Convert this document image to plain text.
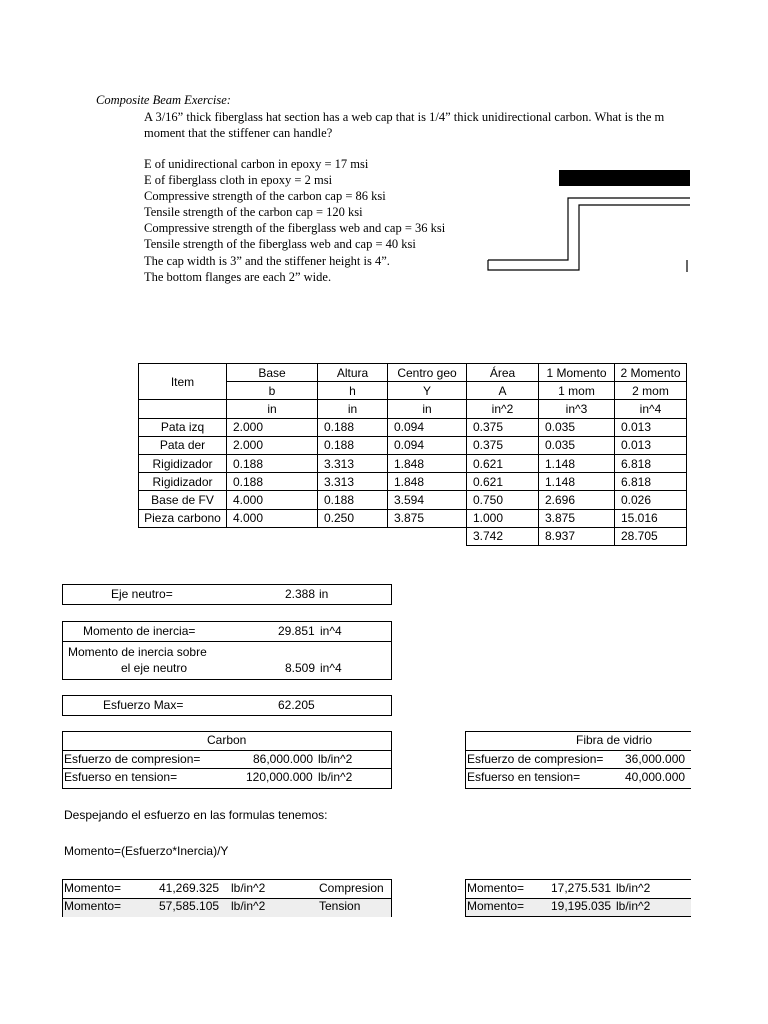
Composite Beam Exercise:
A 3/16” thick fiberglass hat section has a web cap that is 1/4” thick unidirectional carbon. What is the m
moment that the stiffener can handle?
E of unidirectional carbon in epoxy = 17 msi
E of fiberglass cloth in epoxy = 2 msi
Compressive strength of the carbon cap = 86 ksi
Tensile strength of the carbon cap = 120 ksi
Compressive strength of the fiberglass web and cap = 36 ksi
Tensile strength of the fiberglass web and cap = 40 ksi
The cap width is 3” and the stiffener height is 4”.
The bottom flanges are each 2” wide.
Item	Base	Altura	Centro geo	Área	1 Momento	2 Momento
	b	h	Y	A	1 mom	2 mom
	in	in	in	in^2	in^3	in^4
Pata izq	2.000	0.188	0.094	0.375	0.035	0.013
Pata der	2.000	0.188	0.094	0.375	0.035	0.013
Rigidizador	0.188	3.313	1.848	0.621	1.148	6.818
Rigidizador	0.188	3.313	1.848	0.621	1.148	6.818
Base de FV	4.000	0.188	3.594	0.750	2.696	0.026
Pieza carbono	4.000	0.250	3.875	1.000	3.875	15.016
				3.742	8.937	28.705
Eje neutro=	2.388 in
Momento de inercia=	29.851 in^4
Momento de inercia sobre
el eje neutro	8.509 in^4
Esfuerzo Max=	62.205
Carbon
Esfuerzo de compresion=	86,000.000 lb/in^2
Esfuerso en tension=	120,000.000 lb/in^2
Fibra de vidrio
Esfuerzo de compresion= 36,000.000
Esfuerso en tension=	40,000.000
Despejando el esfuerzo en las formulas tenemos:
Momento=(Esfuerzo*Inercia)/Y
Momento=	41,269.325 lb/in^2	Compresion
Momento=	57,585.105 lb/in^2	Tension
Momento= 17,275.531 lb/in^2
Momento= 19,195.035 lb/in^2
